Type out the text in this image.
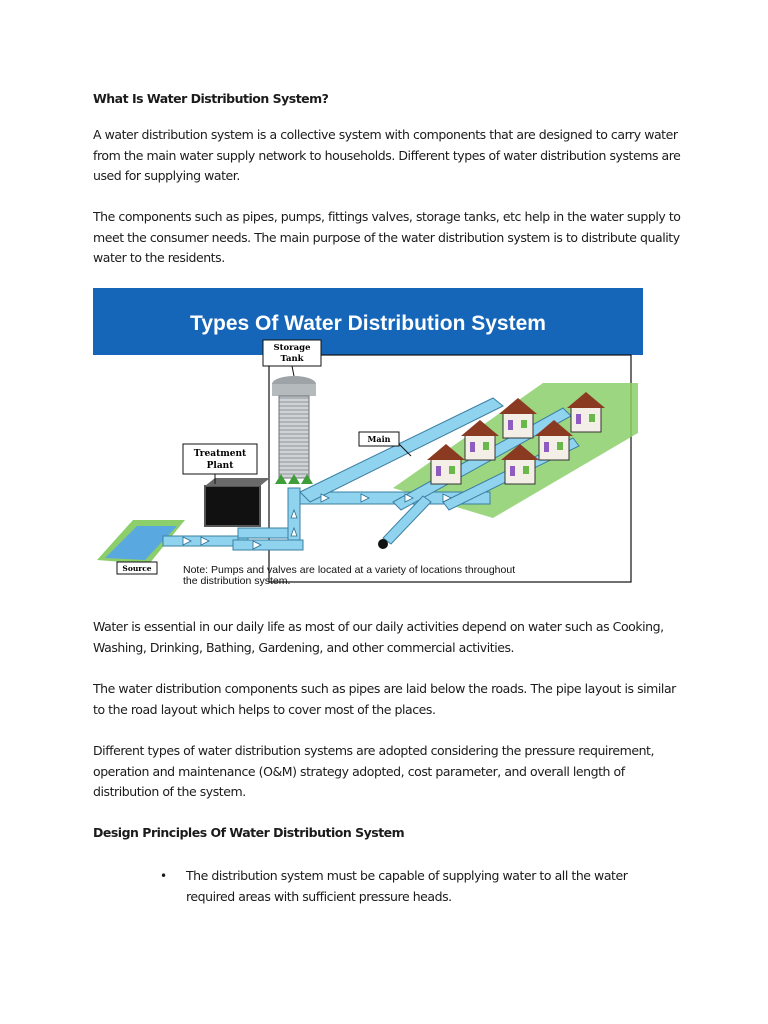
What Is Water Distribution System?
A water distribution system is a collective system with components that are designed to carry water from the main water supply network to households. Different types of water distribution systems are used for supplying water.
The components such as pipes, pumps, fittings valves, storage tanks, etc help in the water supply to meet the consumer needs. The main purpose of the water distribution system is to distribute quality water to the residents.
Types Of Water Distribution System
Treatment
Plant
Storage
Tank
Main
Source	Note: Pumps and valves are located at a variety of locations throughout
the distribution system.
Water is essential in our daily life as most of our daily activities depend on water such as Cooking, Washing, Drinking, Bathing, Gardening, and other commercial activities.
The water distribution components such as pipes are laid below the roads. The pipe layout is similar to the road layout which helps to cover most of the places.
Different types of water distribution systems are adopted considering the pressure requirement, operation and maintenance (O&M) strategy adopted, cost parameter, and overall length of distribution of the system.
Design Principles Of Water Distribution System
• The distribution system must be capable of supplying water to all the water required areas with sufficient pressure heads.
